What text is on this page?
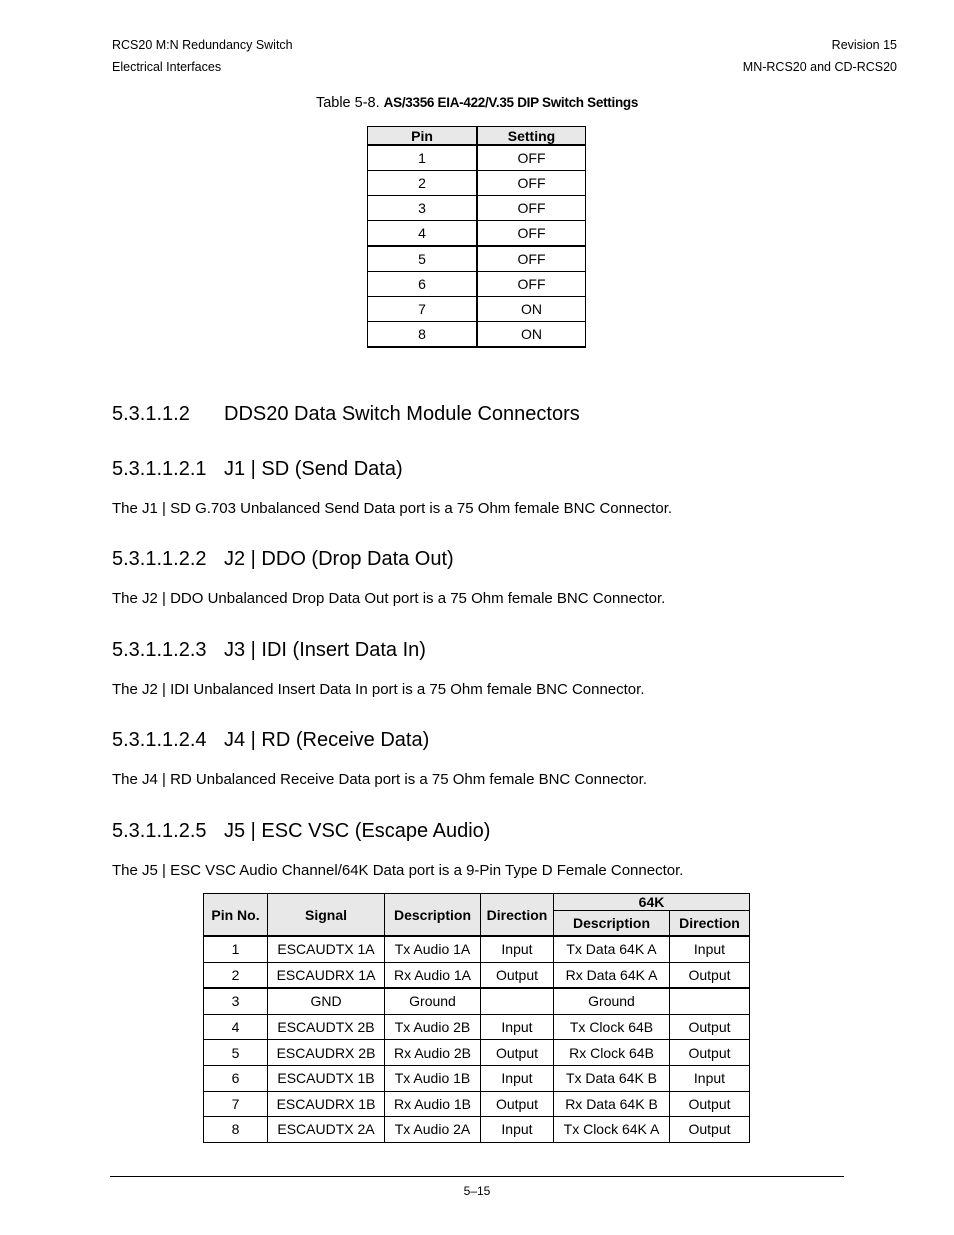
RCS20 M:N Redundancy Switch
Electrical Interfaces
Revision 15
MN-RCS20 and CD-RCS20
Table 5-8. AS/3356 EIA-422/V.35 DIP Switch Settings
Pin	Setting
1	OFF
2	OFF
3	OFF
4	OFF
5	OFF
6	OFF
7	ON
8	ON
5.3.1.1.2 DDS20 Data Switch Module Connectors
5.3.1.1.2.1 J1 | SD (Send Data)

The J1 | SD G.703 Unbalanced Send Data port is a 75 Ohm female BNC Connector.

5.3.1.1.2.2 J2 | DDO (Drop Data Out)

The J2 | DDO Unbalanced Drop Data Out port is a 75 Ohm female BNC Connector.

5.3.1.1.2.3 J3 | IDI (Insert Data In)

The J2 | IDI Unbalanced Insert Data In port is a 75 Ohm female BNC Connector.

5.3.1.1.2.4 J4 | RD (Receive Data)

The J4 | RD Unbalanced Receive Data port is a 75 Ohm female BNC Connector.

5.3.1.1.2.5 J5 | ESC VSC (Escape Audio)

The J5 | ESC VSC Audio Channel/64K Data port is a 9-Pin Type D Female Connector.

Pin No.	Signal	Description	Direction	64K	
				Description	Direction
1	ESCAUDTX 1A	Tx Audio 1A	Input	Tx Data 64K A	Input
2	ESCAUDRX 1A	Rx Audio 1A	Output	Rx Data 64K A	Output
3	GND	Ground		Ground	
4	ESCAUDTX 2B	Tx Audio 2B	Input	Tx Clock 64B	Output
5	ESCAUDRX 2B	Rx Audio 2B	Output	Rx Clock 64B	Output
6	ESCAUDTX 1B	Tx Audio 1B	Input	Tx Data 64K B	Input
7	ESCAUDRX 1B	Rx Audio 1B	Output	Rx Data 64K B	Output
8	ESCAUDTX 2A	Tx Audio 2A	Input	Tx Clock 64K A	Output
5–15
